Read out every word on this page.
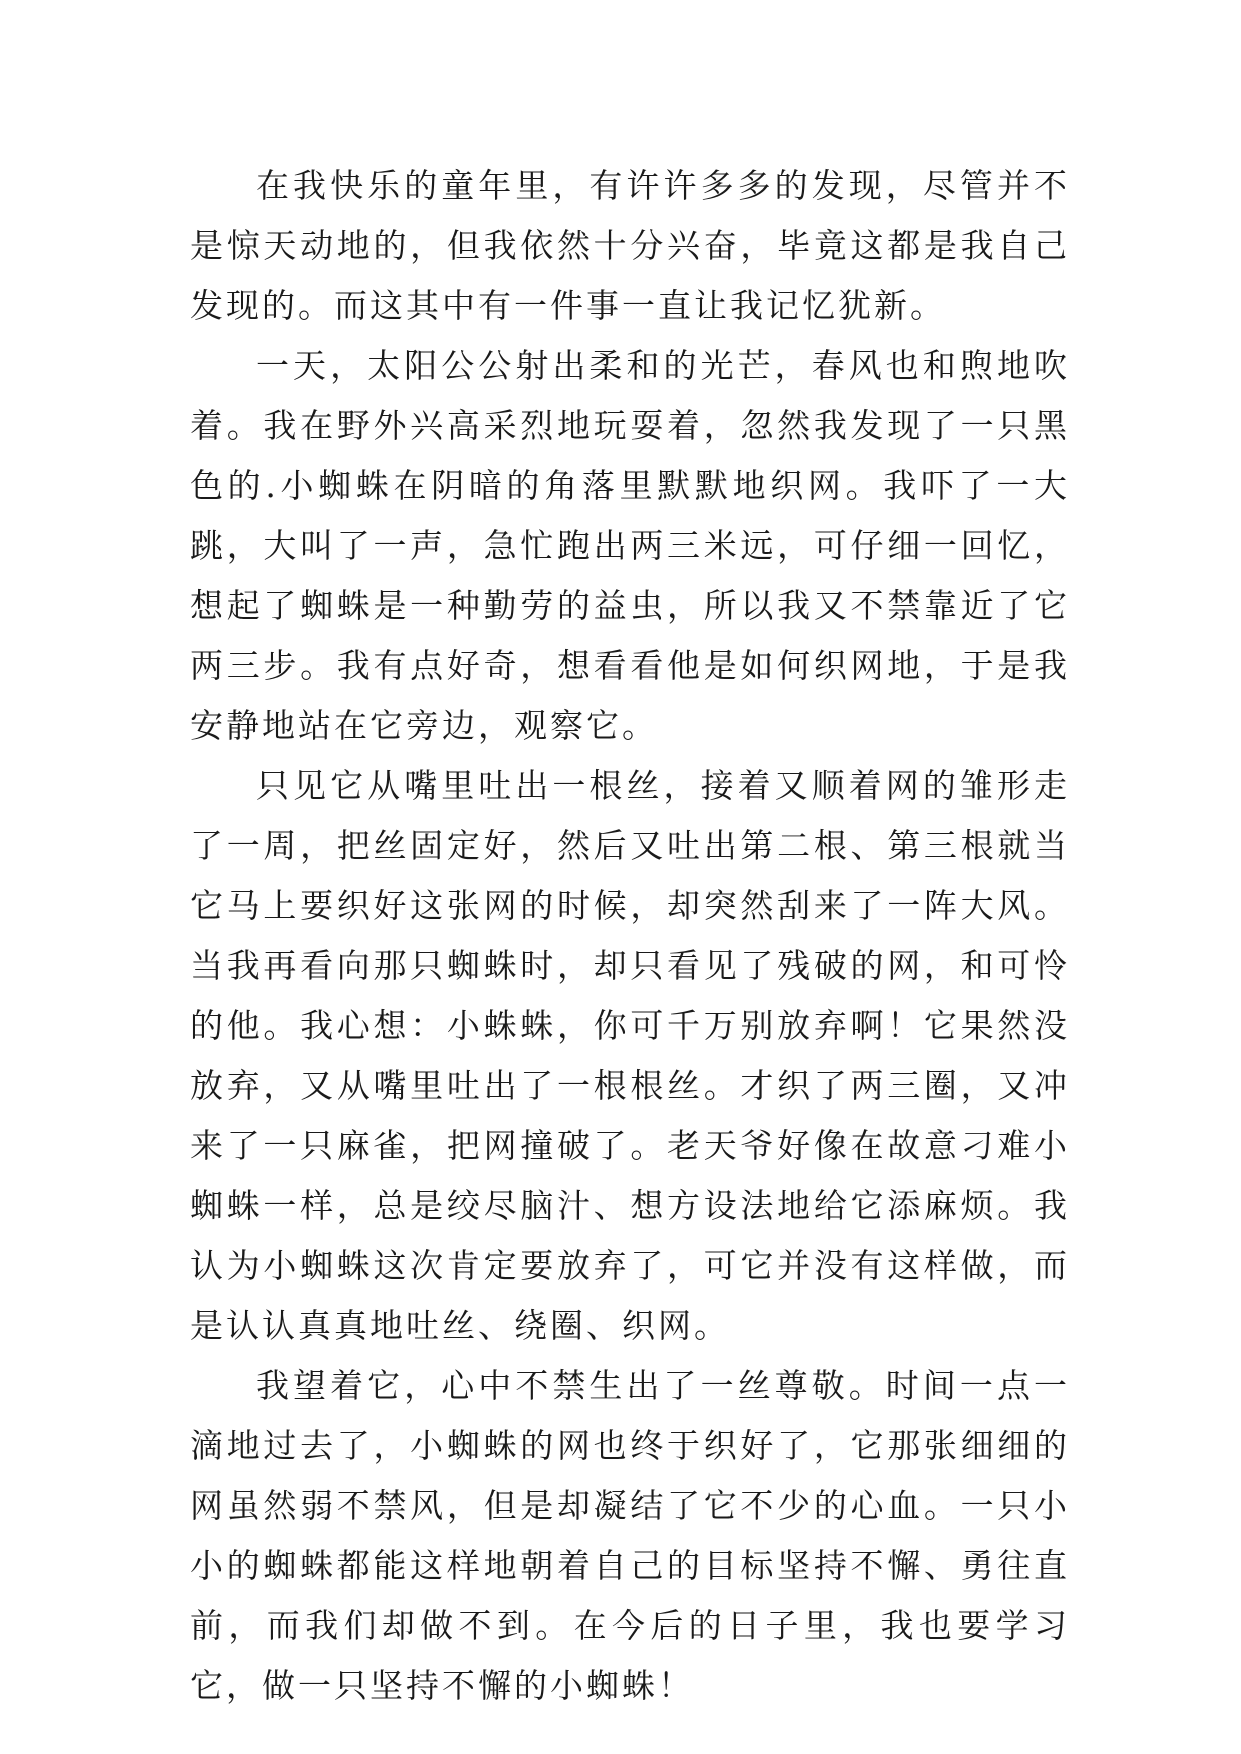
在我快乐的童年里，有许许多多的发现，尽管并不是惊天动地的，但我依然十分兴奋，毕竟这都是我自己发现的。而这其中有一件事一直让我记忆犹新。

一天，太阳公公射出柔和的光芒，春风也和煦地吹着。我在野外兴高采烈地玩耍着，忽然我发现了一只黑色的.小蜘蛛在阴暗的角落里默默地织网。我吓了一大跳，大叫了一声，急忙跑出两三米远，可仔细一回忆，想起了蜘蛛是一种勤劳的益虫，所以我又不禁靠近了它两三步。我有点好奇，想看看他是如何织网地，于是我安静地站在它旁边，观察它。

只见它从嘴里吐出一根丝，接着又顺着网的雏形走了一周，把丝固定好，然后又吐出第二根、第三根就当它马上要织好这张网的时候，却突然刮来了一阵大风。当我再看向那只蜘蛛时，却只看见了残破的网，和可怜的他。我心想：小蛛蛛，你可千万别放弃啊！它果然没放弃，又从嘴里吐出了一根根丝。才织了两三圈，又冲来了一只麻雀，把网撞破了。老天爷好像在故意刁难小蜘蛛一样，总是绞尽脑汁、想方设法地给它添麻烦。我认为小蜘蛛这次肯定要放弃了，可它并没有这样做，而是认认真真地吐丝、绕圈、织网。

我望着它，心中不禁生出了一丝尊敬。时间一点一滴地过去了，小蜘蛛的网也终于织好了，它那张细细的网虽然弱不禁风，但是却凝结了它不少的心血。一只小小的蜘蛛都能这样地朝着自己的目标坚持不懈、勇往直前，而我们却做不到。在今后的日子里，我也要学习它，做一只坚持不懈的小蜘蛛！
